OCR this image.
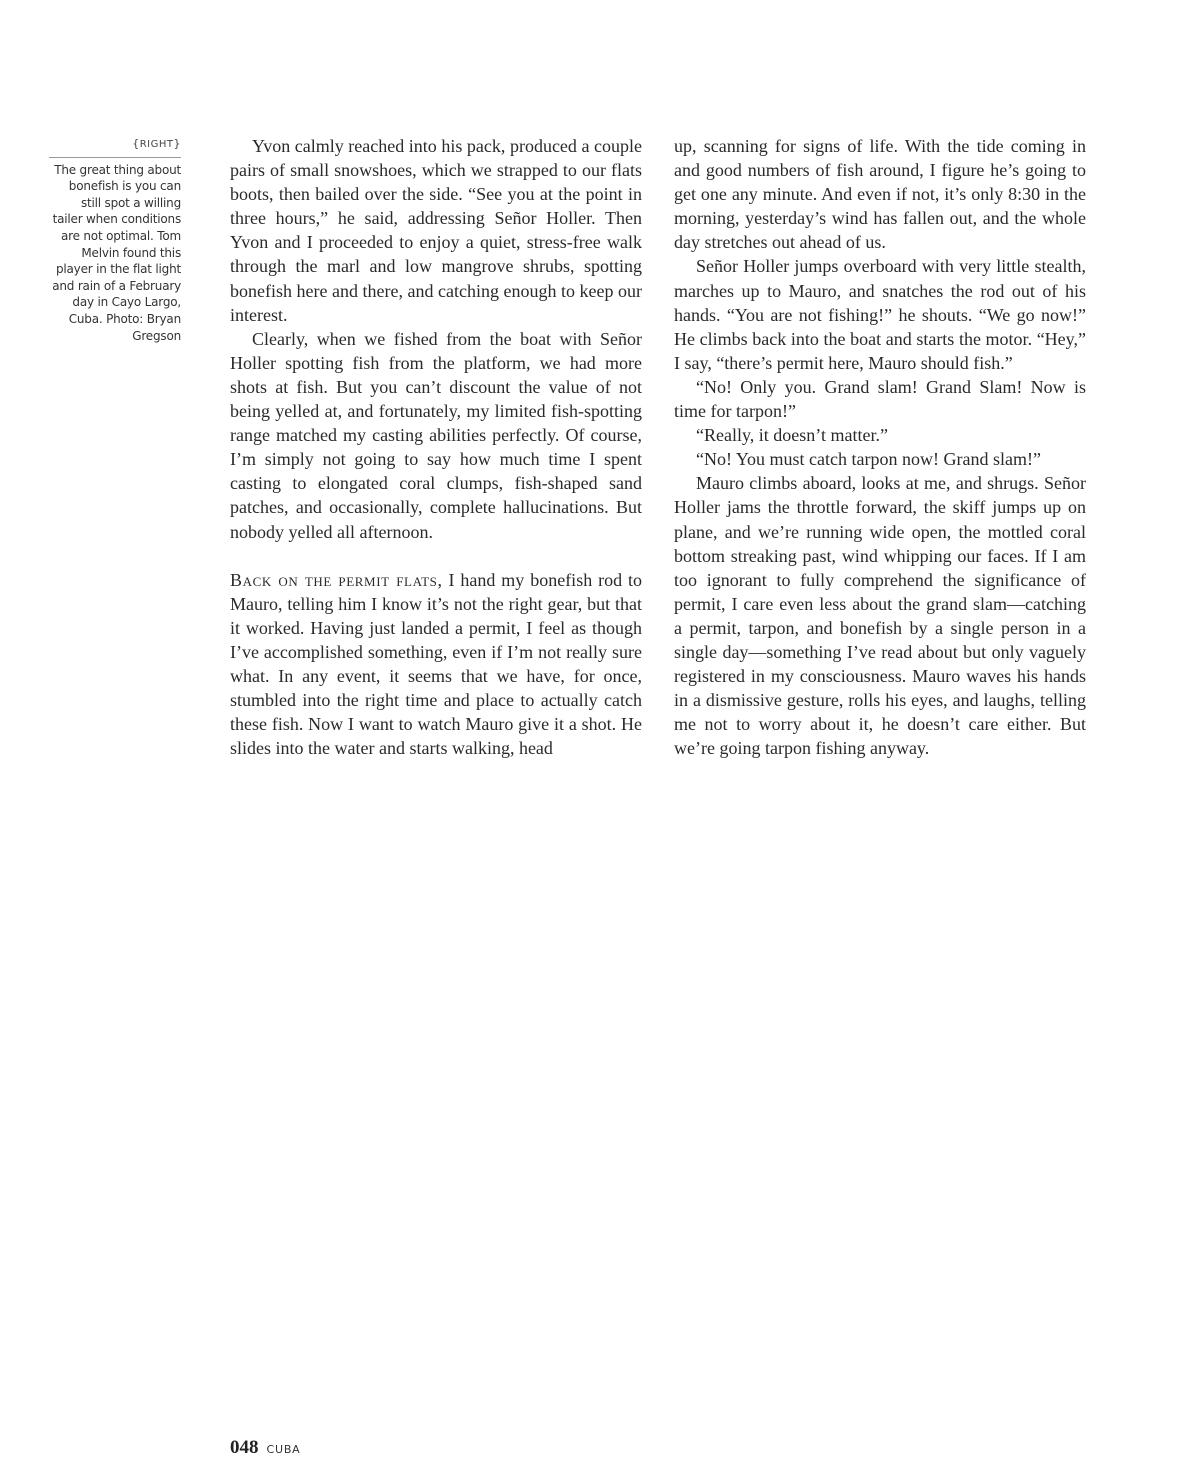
{RIGHT}
The great thing about bonefish is you can still spot a willing tailer when conditions are not optimal. Tom Melvin found this player in the flat light and rain of a February day in Cayo Largo, Cuba. Photo: Bryan Gregson

Yvon calmly reached into his pack, produced a couple pairs of small snowshoes, which we strapped to our flats boots, then bailed over the side. “See you at the point in three hours,” he said, addressing Señor Holler. Then Yvon and I proceeded to enjoy a quiet, stress-free walk through the marl and low mangrove shrubs, spotting bonefish here and there, and catching enough to keep our interest.

Clearly, when we fished from the boat with Señor Holler spotting fish from the platform, we had more shots at fish. But you can’t discount the value of not being yelled at, and fortunately, my limited fish-spotting range matched my casting abilities perfectly. Of course, I’m simply not going to say how much time I spent casting to elongated coral clumps, fish-shaped sand patches, and occasionally, complete hallucinations. But nobody yelled all afternoon.

Back on the permit flats, I hand my bonefish rod to Mauro, telling him I know it’s not the right gear, but that it worked. Having just landed a permit, I feel as though I’ve accomplished something, even if I’m not really sure what. In any event, it seems that we have, for once, stumbled into the right time and place to actually catch these fish. Now I want to watch Mauro give it a shot. He slides into the water and starts walking, head

up, scanning for signs of life. With the tide coming in and good numbers of fish around, I figure he’s going to get one any minute. And even if not, it’s only 8:30 in the morning, yesterday’s wind has fallen out, and the whole day stretches out ahead of us.

Señor Holler jumps overboard with very little stealth, marches up to Mauro, and snatches the rod out of his hands. “You are not fishing!” he shouts. “We go now!” He climbs back into the boat and starts the motor. “Hey,” I say, “there’s permit here, Mauro should fish.”

“No! Only you. Grand slam! Grand Slam! Now is time for tarpon!”

“Really, it doesn’t matter.”

“No! You must catch tarpon now! Grand slam!”

Mauro climbs aboard, looks at me, and shrugs. Señor Holler jams the throttle forward, the skiff jumps up on plane, and we’re running wide open, the mottled coral bottom streaking past, wind whipping our faces. If I am too ignorant to fully comprehend the significance of permit, I care even less about the grand slam—catching a permit, tarpon, and bonefish by a single person in a single day—something I’ve read about but only vaguely registered in my consciousness. Mauro waves his hands in a dismissive gesture, rolls his eyes, and laughs, telling me not to worry about it, he doesn’t care either. But we’re going tarpon fishing anyway.

048 CUBA
